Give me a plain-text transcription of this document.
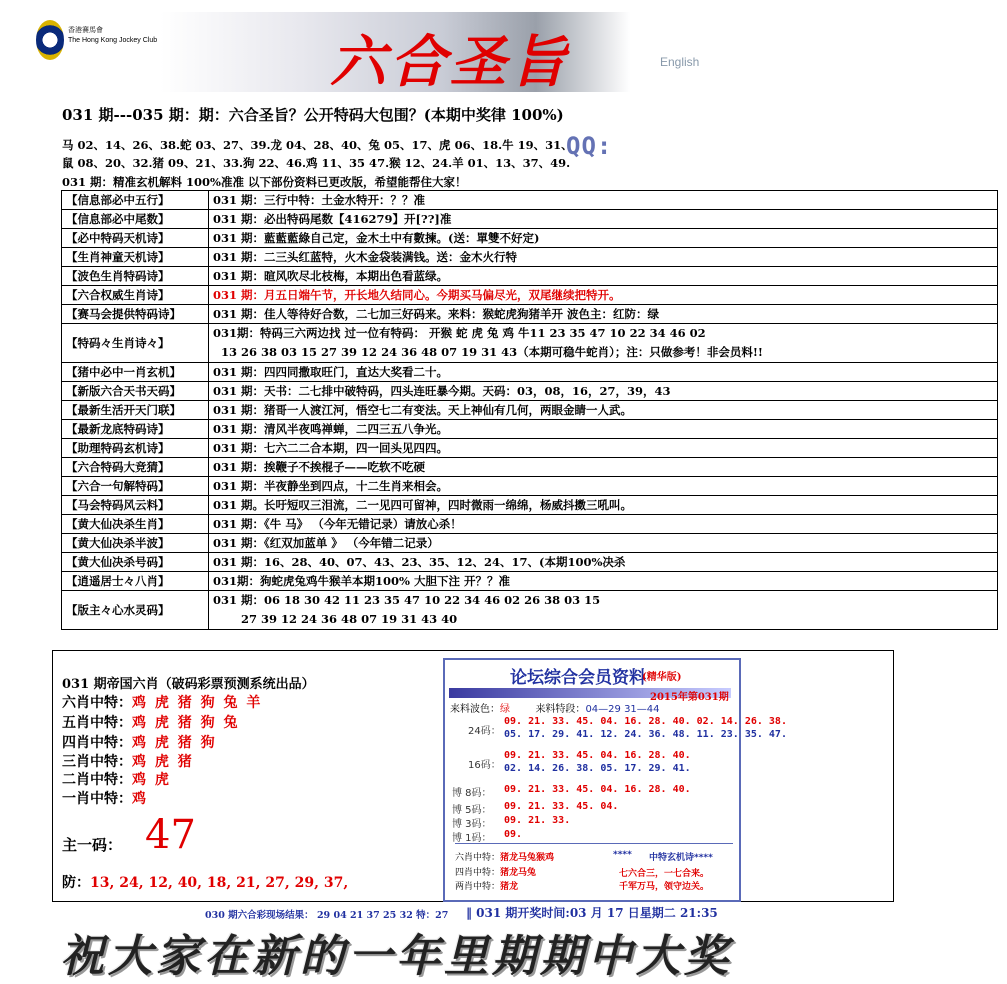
香港賽馬會
The Hong Kong Jockey Club	六合圣旨	English
031 期---035 期：期：六合圣旨？公开特码大包围？(本期中奖律 100%)
马 02、14、26、38.蛇 03、27、39.龙 04、28、40、兔 05、17、虎 06、18.牛 19、31、
鼠 08、20、32.猪 09、21、33.狗 22、46.鸡 11、35 47.猴 12、24.羊 01、13、37、49.
QQ:
031 期：精准玄机解料 100%准准 以下部份资料已更改版，希望能帮住大家！
【信息部必中五行】	031 期：三行中特：土金水特开：？？准
【信息部必中尾数】	031 期：必出特码尾数【416279】开[??]准
【必中特码天机诗】	031 期：藍藍藍綠自己定，金木土中有數揀。(送：單雙不好定)
【生肖神童天机诗】	031 期：二三头红蓝特，火木金袋装满钱。送：金木火行特
【波色生肖特码诗】	031 期：暄风吹尽北枝梅，本期出色看蓝绿。
【六合权威生肖诗】	031 期：月五日端午节，开长地久结同心。今期买马偏尽光，双尾继续把特开。
【赛马会提供特码诗】	031 期：佳人等待好合数，二七加三好码来。来料：猴蛇虎狗猪羊开 波色主：红防：绿
【特码々生肖诗々】	031期：特码三六两边找 过一位有特码： 开猴 蛇 虎 兔 鸡 牛11 23 35 47 10 22 34 46 02
13 26 38 03 15 27 39 12 24 36 48 07 19 31 43（本期可稳牛蛇肖）；注：只做参考！非会员料!!

【猪中必中一肖玄机】	031 期：四四同撒取旺门，直达大奖看二十。
【新版六合天书天码】	031 期：天书：二七排中破特码，四头连旺暴今期。天码：03，08，16，27，39，43
【最新生活开天门联】	031 期：猪哥一人渡江河，悟空七二有变法。天上神仙有几何，两眼金睛一人武。
【最新龙底特码诗】	031 期：清风半夜鸣禅蝉，二四三五八争光。
【助理特码玄机诗】	031 期：七六二二合本期，四一回头见四四。
【六合特码大竞猜】	031 期：挨鞭子不挨棍子——吃软不吃硬
【六合一句解特码】	031 期：半夜静坐到四点，十二生肖来相会。
【马会特码风云料】	031 期。长吁短叹三泪流，二一见四可留神，四时微雨一绵绵，杨威抖擞三吼叫。
【黄大仙决杀生肖】	031 期：《牛 马》 （今年无错记录）请放心杀！
【黄大仙决杀半波】	031 期：《红双加蓝单 》 （今年错二记录）
【黄大仙决杀号码】	031 期：16、28、40、07、43、23、35、12、24、17、(本期100%决杀
【逍遥居士々八肖】	031期：狗蛇虎兔鸡牛猴羊本期100% 大胆下注 开？？准
【版主々心水灵码】	031 期：06 18 30 42 11 23 35 47 10 22 34 46 02 26 38 03 15
27 39 12 24 36 48 07 19 31 43 40
031 期帝国六肖（破码彩票预测系统出品）
六肖中特：鸡 虎 猪 狗 兔 羊
五肖中特：鸡 虎 猪 狗 兔
四肖中特：鸡 虎 猪 狗
三肖中特：鸡 虎 猪
二肖中特：鸡 虎
一肖中特：鸡
主一码： 47
防：13, 24, 12, 40, 18, 21, 27, 29, 37,
论坛综合会员资料
(精华版)
2015年第031期
来料波色：绿	来料特段：04—29 31—44
24码：
09. 21. 33. 45. 04. 16. 28. 40. 02. 14. 26. 38.
05. 17. 29. 41. 12. 24. 36. 48. 11. 23. 35. 47.
16码：
09. 21. 33. 45. 04. 16. 28. 40.
02. 14. 26. 38. 05. 17. 29. 41.
博 8码： 09. 21. 33. 45. 04. 16. 28. 40.
博 5码： 09. 21. 33. 45. 04.
博 3码： 09. 21. 33.
博 1码： 09.
六肖中特：猪龙马兔猴鸡
四肖中特：猪龙马兔
两肖中特：猪龙
**** 中特玄机诗****
七六合三，一七合来。
千军万马，领守边关。
030 期六合彩现场结果： 29 04 21 37 25 32 特：27 ‖ 031 期开奖时间:03 月 17 日星期二 21:35
祝大家在新的一年里期期中大奖
